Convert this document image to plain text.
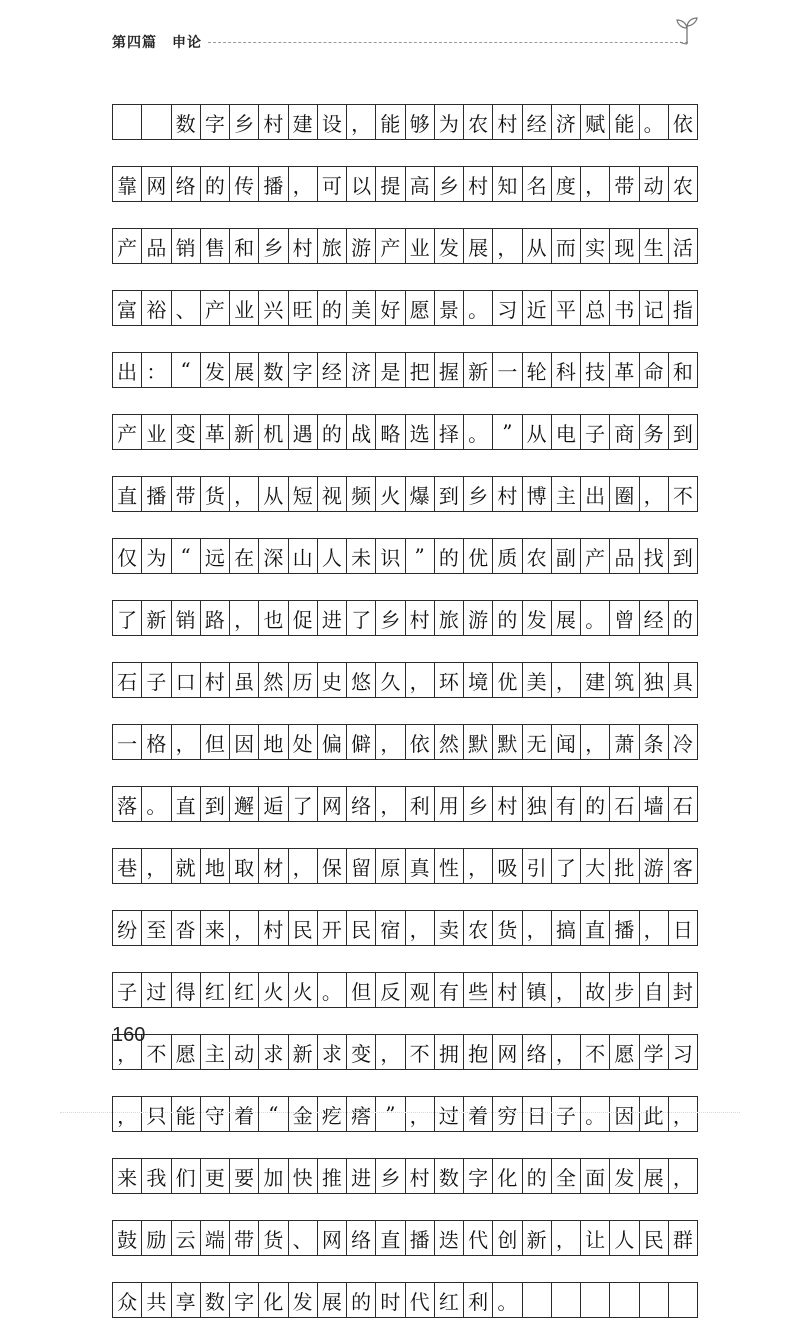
第四篇　申论
数 字 乡 村 建 设 ， 能 够 为 农 村 经 济 赋 能 。 依
靠 网 络 的 传 播 ， 可 以 提 高 乡 村 知 名 度 ， 带 动 农
产 品 销 售 和 乡 村 旅 游 产 业 发 展 ， 从 而 实 现 生 活
富 裕 、 产 业 兴 旺 的 美 好 愿 景 。 习 近 平 总 书 记 指
出 ： “ 发 展 数 字 经 济 是 把 握 新 一 轮 科 技 革 命 和
产 业 变 革 新 机 遇 的 战 略 选 择 。 ” 从 电 子 商 务 到
直 播 带 货 ， 从 短 视 频 火 爆 到 乡 村 博 主 出 圈 ， 不
仅 为 “ 远 在 深 山 人 未 识 ” 的 优 质 农 副 产 品 找 到
了 新 销 路 ， 也 促 进 了 乡 村 旅 游 的 发 展 。 曾 经 的
石 子 口 村 虽 然 历 史 悠 久 ， 环 境 优 美 ， 建 筑 独 具
一 格 ， 但 因 地 处 偏 僻 ， 依 然 默 默 无 闻 ， 萧 条 冷
落 。 直 到 邂 逅 了 网 络 ， 利 用 乡 村 独 有 的 石 墙 石
巷 ， 就 地 取 材 ， 保 留 原 真 性 ， 吸 引 了 大 批 游 客
纷 至 沓 来 ， 村 民 开 民 宿 ， 卖 农 货 ， 搞 直 播 ， 日
子 过 得 红 红 火 火 。 但 反 观 有 些 村 镇 ， 故 步 自 封
， 不 愿 主 动 求 新 求 变 ， 不 拥 抱 网 络 ， 不 愿 学 习
， 只 能 守 着 “ 金 疙 瘩 ” ， 过 着 穷 日 子 。 因 此 ，
来 我 们 更 要 加 快 推 进 乡 村 数 字 化 的 全 面 发 展 ，
鼓 励 云 端 带 货 、 网 络 直 播 迭 代 创 新 ， 让 人 民 群
众 共 享 数 字 化 发 展 的 时 代 红 利 。
160
